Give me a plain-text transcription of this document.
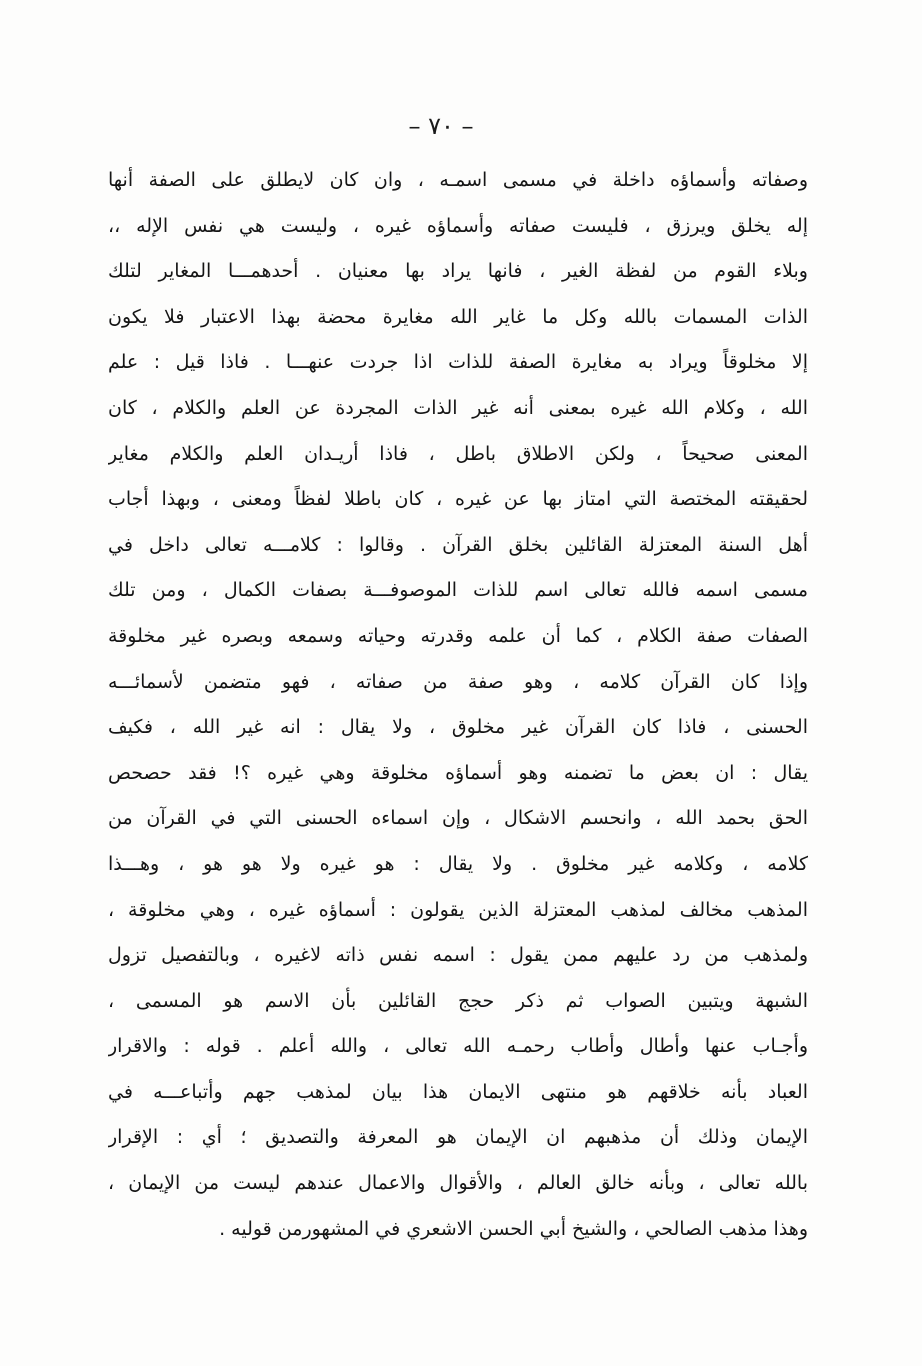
– ٧٠ –
وصفاته وأسماؤه داخلة في مسمى اسمـه ، وان كان لايطلق على الصفة أنها
إله يخلق ويرزق ، فليست صفاته وأسماؤه غيره ، وليست هي نفس الإله ،،
وبلاء القوم من لفظة الغير ، فانها يراد بها معنيان . أحدهمـــا المغاير لتلك
الذات المسمات بالله وكل ما غاير الله مغايرة محضة بهذا الاعتبار فلا يكون
إلا مخلوقاً ويراد به مغايرة الصفة للذات اذا جردت عنهـــا . فاذا قيل : علم
الله ، وكلام الله غيره بمعنى أنه غير الذات المجردة عن العلم والكلام ، كان
المعنى صحيحاً ، ولكن الاطلاق باطل ، فاذا أريـدان العلم والكلام مغاير
لحقيقته المختصة التي امتاز بها عن غيره ، كان باطلا لفظاً ومعنى ، وبهذا أجاب
أهل السنة المعتزلة القائلين بخلق القرآن . وقالوا : كلامـــه تعالى داخل في
مسمى اسمه فالله تعالى اسم للذات الموصوفـــة بصفات الكمال ، ومن تلك
الصفات صفة الكلام ، كما أن علمه وقدرته وحياته وسمعه وبصره غير مخلوقة
وإذا كان القرآن كلامه ، وهو صفة من صفاته ، فهو متضمن لأسمائـــه
الحسنى ، فاذا كان القرآن غير مخلوق ، ولا يقال : انه غير الله ، فكيف
يقال : ان بعض ما تضمنه وهو أسماؤه مخلوقة وهي غيره ؟! فقد حصحص
الحق بحمد الله ، وانحسم الاشكال ، وإن اسماءه الحسنى التي في القرآن من
كلامه ، وكلامه غير مخلوق . ولا يقال : هو غيره ولا هو هو ، وهـــذا
المذهب مخالف لمذهب المعتزلة الذين يقولون : أسماؤه غيره ، وهي مخلوقة ،
ولمذهب من رد عليهم ممن يقول : اسمه نفس ذاته لاغيره ، وبالتفصيل تزول
الشبهة ويتبين الصواب ثم ذكر حجج القائلين بأن الاسم هو المسمى ،
وأجـاب عنها وأطال وأطاب رحمـه الله تعالى ، والله أعلم . قوله : والاقرار
العباد بأنه خلاقهم هو منتهى الايمان هذا بيان لمذهب جهم وأتباعـــه في
الإيمان وذلك أن مذهبهم ان الإيمان هو المعرفة والتصديق ؛ أي : الإقرار
بالله تعالى ، وبأنه خالق العالم ، والأقوال والاعمال عندهم ليست من الإيمان ،
وهذا مذهب الصالحي ، والشيخ أبي الحسن الاشعري في المشهورمن قوليه .
